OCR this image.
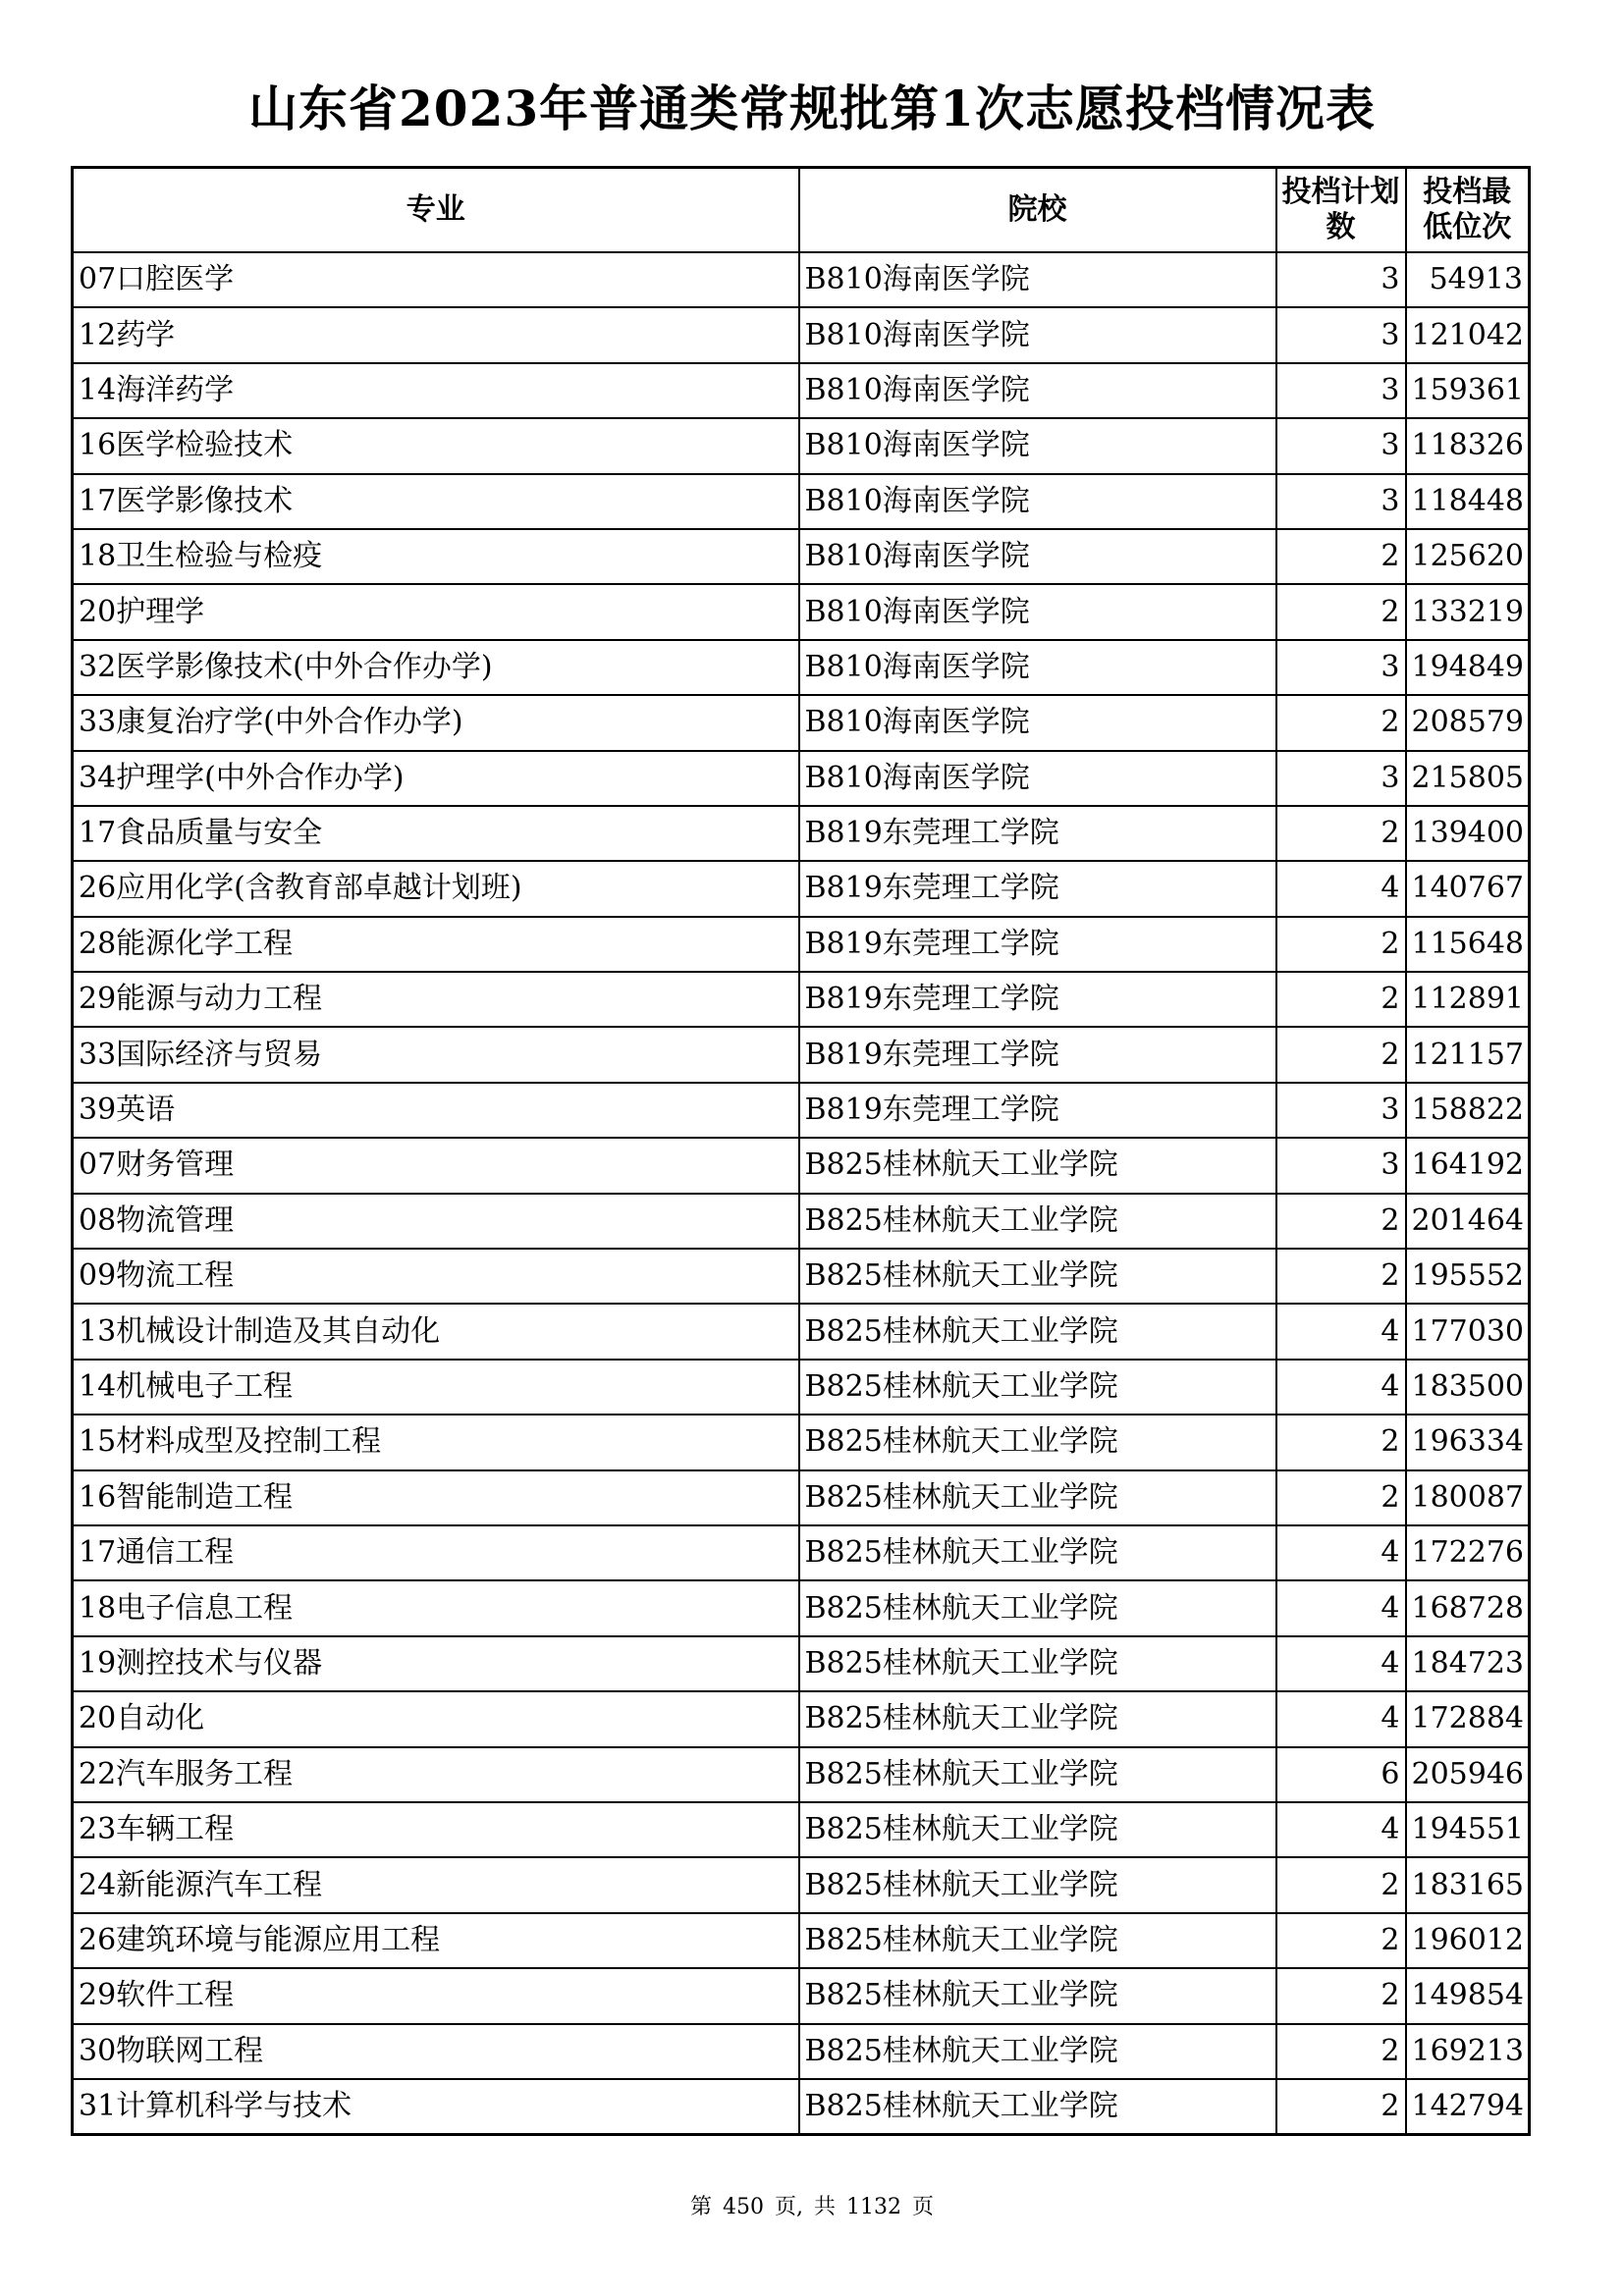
山东省2023年普通类常规批第1次志愿投档情况表
专业	院校	投档计划数	投档最低位次
07口腔医学	B810海南医学院	3	54913
12药学	B810海南医学院	3	121042
14海洋药学	B810海南医学院	3	159361
16医学检验技术	B810海南医学院	3	118326
17医学影像技术	B810海南医学院	3	118448
18卫生检验与检疫	B810海南医学院	2	125620
20护理学	B810海南医学院	2	133219
32医学影像技术(中外合作办学)	B810海南医学院	3	194849
33康复治疗学(中外合作办学)	B810海南医学院	2	208579
34护理学(中外合作办学)	B810海南医学院	3	215805
17食品质量与安全	B819东莞理工学院	2	139400
26应用化学(含教育部卓越计划班)	B819东莞理工学院	4	140767
28能源化学工程	B819东莞理工学院	2	115648
29能源与动力工程	B819东莞理工学院	2	112891
33国际经济与贸易	B819东莞理工学院	2	121157
39英语	B819东莞理工学院	3	158822
07财务管理	B825桂林航天工业学院	3	164192
08物流管理	B825桂林航天工业学院	2	201464
09物流工程	B825桂林航天工业学院	2	195552
13机械设计制造及其自动化	B825桂林航天工业学院	4	177030
14机械电子工程	B825桂林航天工业学院	4	183500
15材料成型及控制工程	B825桂林航天工业学院	2	196334
16智能制造工程	B825桂林航天工业学院	2	180087
17通信工程	B825桂林航天工业学院	4	172276
18电子信息工程	B825桂林航天工业学院	4	168728
19测控技术与仪器	B825桂林航天工业学院	4	184723
20自动化	B825桂林航天工业学院	4	172884
22汽车服务工程	B825桂林航天工业学院	6	205946
23车辆工程	B825桂林航天工业学院	4	194551
24新能源汽车工程	B825桂林航天工业学院	2	183165
26建筑环境与能源应用工程	B825桂林航天工业学院	2	196012
29软件工程	B825桂林航天工业学院	2	149854
30物联网工程	B825桂林航天工业学院	2	169213
31计算机科学与技术	B825桂林航天工业学院	2	142794
第 450 页, 共 1132 页
